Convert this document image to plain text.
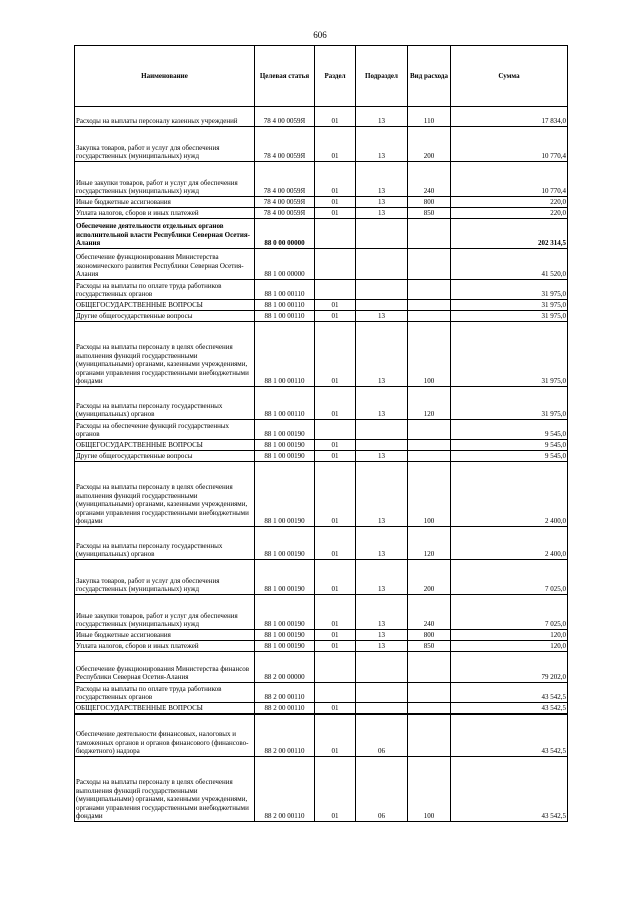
606
Наименование	Целевая статья	Раздел	Подраздел	Вид расхода	Сумма
Расходы на выплаты персоналу казенных учреждений	78 4 00 0059Я	01	13	110	17 834,0
Закупка товаров, работ и услуг для обеспечения государственных (муниципальных) нужд	78 4 00 0059Я	01	13	200	10 770,4
Иные закупки товаров, работ и услуг для обеспечения государственных (муниципальных) нужд	78 4 00 0059Я	01	13	240	10 770,4
Иные бюджетные ассигнования	78 4 00 0059Я	01	13	800	220,0
Уплата налогов, сборов и иных платежей	78 4 00 0059Я	01	13	850	220,0
Обеспечение деятельности отдельных органов исполнительной власти Республики Северная Осетия-Алания	88 0 00 00000				202 314,5
Обеспечение функционирования Министерства экономического развития Республики Северная Осетия-Алания	88 1 00 00000				41 520,0
Расходы на выплаты по оплате труда работников государственных органов	88 1 00 00110				31 975,0
ОБЩЕГОСУДАРСТВЕННЫЕ ВОПРОСЫ	88 1 00 00110	01			31 975,0
Другие общегосударственные вопросы	88 1 00 00110	01	13		31 975,0
Расходы на выплаты персоналу в целях обеспечения выполнения функций государственными (муниципальными) органами, казенными учреждениями, органами управления государственными внебюджетными фондами	88 1 00 00110	01	13	100	31 975,0
Расходы на выплаты персоналу государственных (муниципальных) органов	88 1 00 00110	01	13	120	31 975,0
Расходы на обеспечение функций государственных органов	88 1 00 00190				9 545,0
ОБЩЕГОСУДАРСТВЕННЫЕ ВОПРОСЫ	88 1 00 00190	01			9 545,0
Другие общегосударственные вопросы	88 1 00 00190	01	13		9 545,0
Расходы на выплаты персоналу в целях обеспечения выполнения функций государственными (муниципальными) органами, казенными учреждениями, органами управления государственными внебюджетными фондами	88 1 00 00190	01	13	100	2 400,0
Расходы на выплаты персоналу государственных (муниципальных) органов	88 1 00 00190	01	13	120	2 400,0
Закупка товаров, работ и услуг для обеспечения государственных (муниципальных) нужд	88 1 00 00190	01	13	200	7 025,0
Иные закупки товаров, работ и услуг для обеспечения государственных (муниципальных) нужд	88 1 00 00190	01	13	240	7 025,0
Иные бюджетные ассигнования	88 1 00 00190	01	13	800	120,0
Уплата налогов, сборов и иных платежей	88 1 00 00190	01	13	850	120,0
Обеспечение функционирования Министерства финансов Республики Северная Осетия-Алания	88 2 00 00000				79 202,0
Расходы на выплаты по оплате труда работников государственных органов	88 2 00 00110				43 542,5
ОБЩЕГОСУДАРСТВЕННЫЕ ВОПРОСЫ	88 2 00 00110	01			43 542,5
Обеспечение деятельности финансовых, налоговых и таможенных органов и органов финансового (финансово-бюджетного) надзора	88 2 00 00110	01	06		43 542,5
Расходы на выплаты персоналу в целях обеспечения выполнения функций государственными (муниципальными) органами, казенными учреждениями, органами управления государственными внебюджетными фондами	88 2 00 00110	01	06	100	43 542,5
